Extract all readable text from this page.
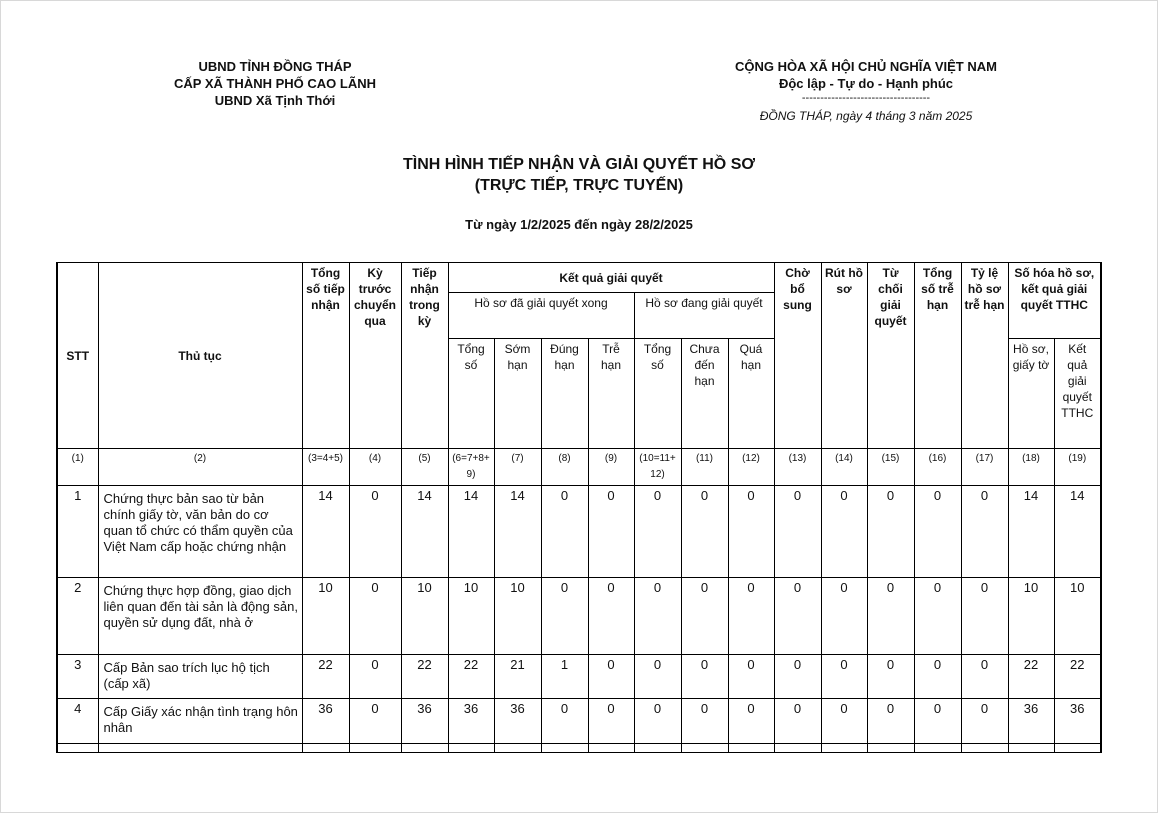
UBND TỈNH ĐỒNG THÁP
CẤP XÃ THÀNH PHỐ CAO LÃNH
UBND Xã Tịnh Thới
CỘNG HÒA XÃ HỘI CHỦ NGHĨA VIỆT NAM
Độc lập - Tự do - Hạnh phúc
-----------------------------------
ĐỒNG THÁP, ngày 4 tháng 3 năm 2025
TÌNH HÌNH TIẾP NHẬN VÀ GIẢI QUYẾT HỒ SƠ
(TRỰC TIẾP, TRỰC TUYẾN)
Từ ngày 1/2/2025 đến ngày 28/2/2025
STT	Thủ tục	Tổng số tiếp nhận	Kỳ trước chuyển qua	Tiếp nhận trong kỳ	Kết quả giải quyết							Chờ bổ sung	Rút hồ sơ	Từ chối giải quyết	Tổng số trễ hạn	Tỷ lệ hồ sơ trễ hạn	Số hóa hồ sơ, kết quả giải quyết TTHC	
					Hồ sơ đã giải quyết xong				Hồ sơ đang giải quyết									
					Tổng số	Sớm hạn	Đúng hạn	Trễ hạn	Tổng số	Chưa đến hạn	Quá hạn						Hồ sơ, giấy tờ	Kết quả giải quyết TTHC
(1)	(2)	(3=4+5)	(4)	(5)	(6=7+8+9)	(7)	(8)	(9)	(10=11+12)	(11)	(12)	(13)	(14)	(15)	(16)	(17)	(18)	(19)
1	Chứng thực bản sao từ bản chính giấy tờ, văn bản do cơ quan tổ chức có thẩm quyền của Việt Nam cấp hoặc chứng nhận	14	0	14	14	14	0	0	0	0	0	0	0	0	0	0	14	14
2	Chứng thực hợp đồng, giao dịch liên quan đến tài sản là động sản, quyền sử dụng đất, nhà ở	10	0	10	10	10	0	0	0	0	0	0	0	0	0	0	10	10
3	Cấp Bản sao trích lục hộ tịch (cấp xã)	22	0	22	22	21	1	0	0	0	0	0	0	0	0	0	22	22
4	Cấp Giấy xác nhận tình trạng hôn nhân	36	0	36	36	36	0	0	0	0	0	0	0	0	0	0	36	36
